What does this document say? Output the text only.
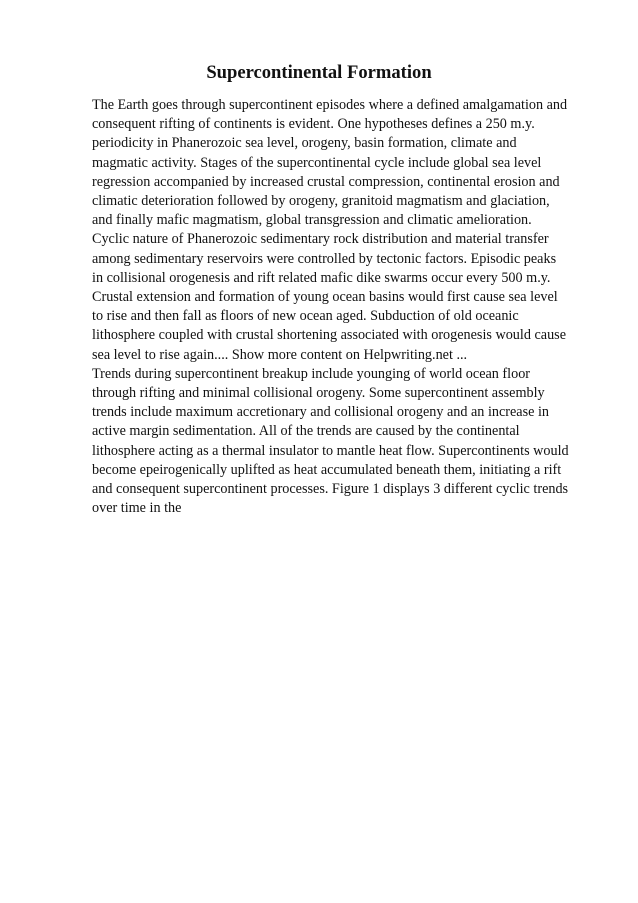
Supercontinental Formation
The Earth goes through supercontinent episodes where a defined amalgamation and
consequent rifting of continents is evident. One hypotheses defines a 250 m.y.
periodicity in Phanerozoic sea level, orogeny, basin formation, climate and
magmatic activity. Stages of the supercontinental cycle include global sea level
regression accompanied by increased crustal compression, continental erosion and
climatic deterioration followed by orogeny, granitoid magmatism and glaciation,
and finally mafic magmatism, global transgression and climatic amelioration.
Cyclic nature of Phanerozoic sedimentary rock distribution and material transfer
among sedimentary reservoirs were controlled by tectonic factors. Episodic peaks
in collisional orogenesis and rift related mafic dike swarms occur every 500 m.y.
Crustal extension and formation of young ocean basins would first cause sea level
to rise and then fall as floors of new ocean aged. Subduction of old oceanic
lithosphere coupled with crustal shortening associated with orogenesis would cause
sea level to rise again.... Show more content on Helpwriting.net ...
Trends during supercontinent breakup include younging of world ocean floor
through rifting and minimal collisional orogeny. Some supercontinent assembly
trends include maximum accretionary and collisional orogeny and an increase in
active margin sedimentation. All of the trends are caused by the continental
lithosphere acting as a thermal insulator to mantle heat flow. Supercontinents would
become epeirogenically uplifted as heat accumulated beneath them, initiating a rift
and consequent supercontinent processes. Figure 1 displays 3 different cyclic trends
over time in the
